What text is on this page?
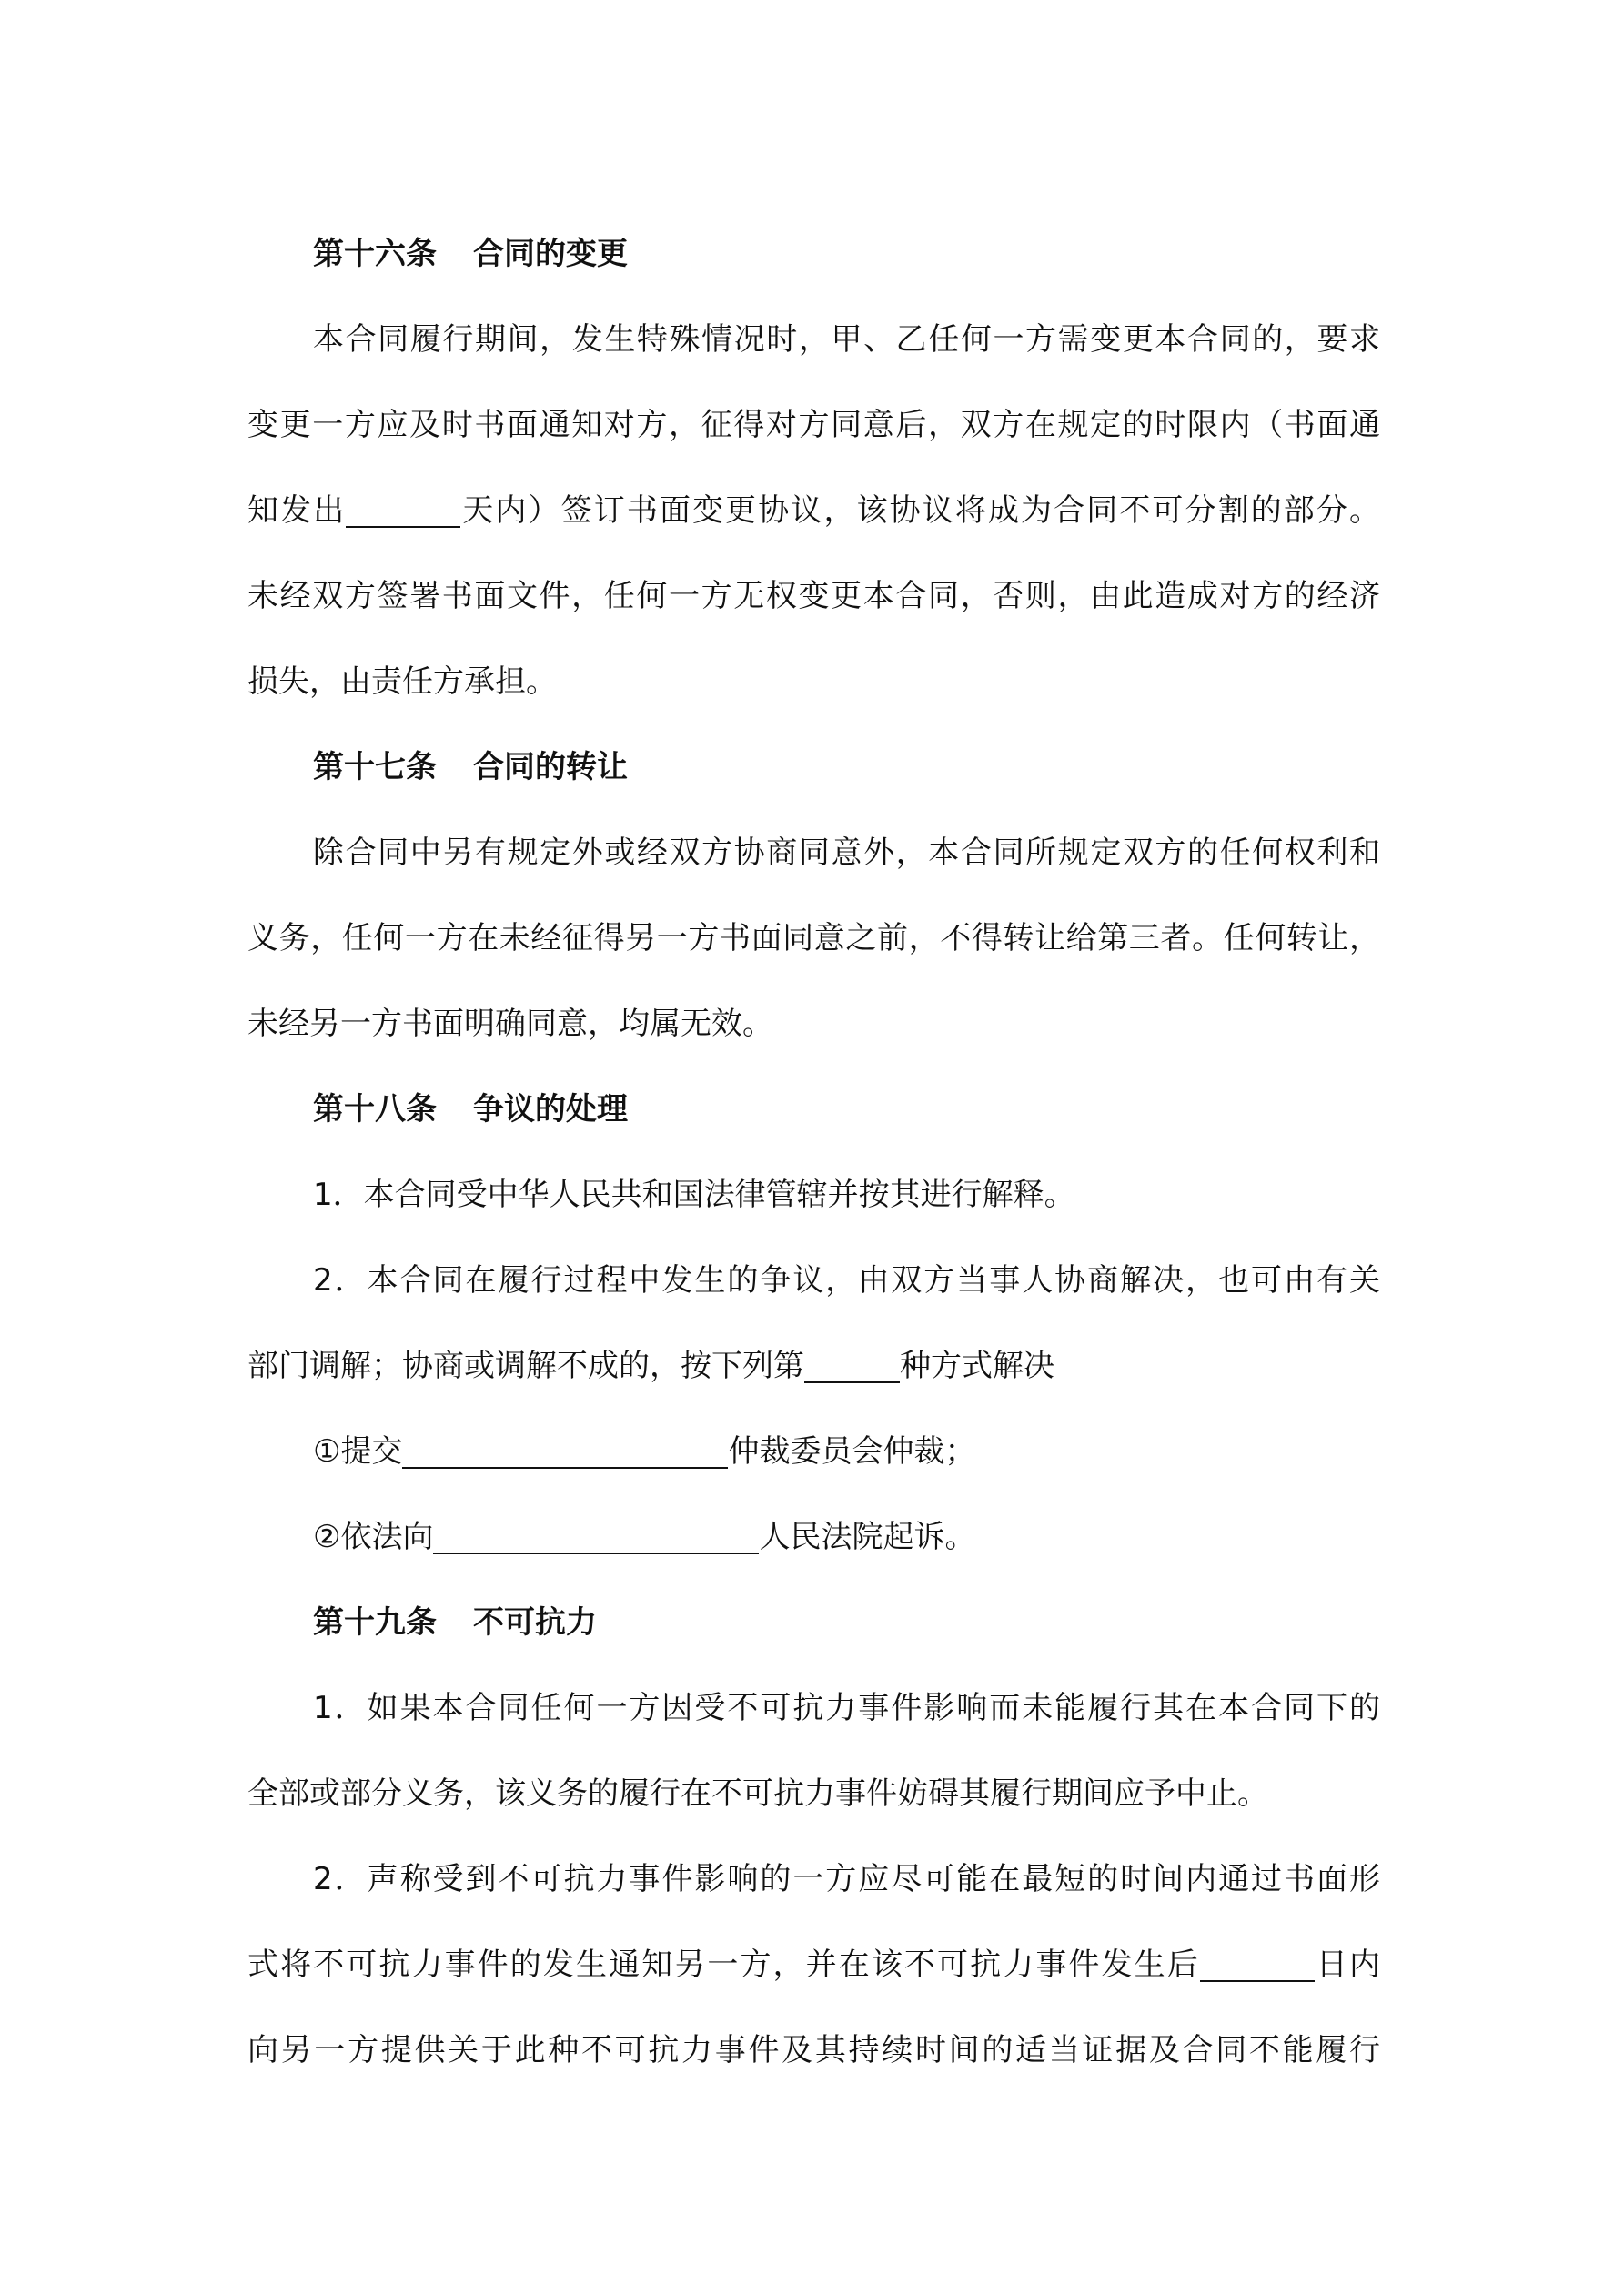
第十六条 合同的变更
本合同履行期间，发生特殊情况时，甲、乙任何一方需变更本合同的，要求
变更一方应及时书面通知对方，征得对方同意后，双方在规定的时限内（书面通
知发出	天内）签订书面变更协议，该协议将成为合同不可分割的部分。
未经双方签署书面文件，任何一方无权变更本合同，否则，由此造成对方的经济
损失，由责任方承担。
第十七条 合同的转让
除合同中另有规定外或经双方协商同意外，本合同所规定双方的任何权利和
义务，任何一方在未经征得另一方书面同意之前，不得转让给第三者。任何转让，
未经另一方书面明确同意，均属无效。
第十八条 争议的处理
1．本合同受中华人民共和国法律管辖并按其进行解释。
2．本合同在履行过程中发生的争议，由双方当事人协商解决，也可由有关
部门调解；协商或调解不成的，按下列第	种方式解决
①提交	仲裁委员会仲裁；
②依法向	人民法院起诉。
第十九条 不可抗力
1．如果本合同任何一方因受不可抗力事件影响而未能履行其在本合同下的
全部或部分义务，该义务的履行在不可抗力事件妨碍其履行期间应予中止。
2．声称受到不可抗力事件影响的一方应尽可能在最短的时间内通过书面形
式将不可抗力事件的发生通知另一方，并在该不可抗力事件发生后	日内
向另一方提供关于此种不可抗力事件及其持续时间的适当证据及合同不能履行
